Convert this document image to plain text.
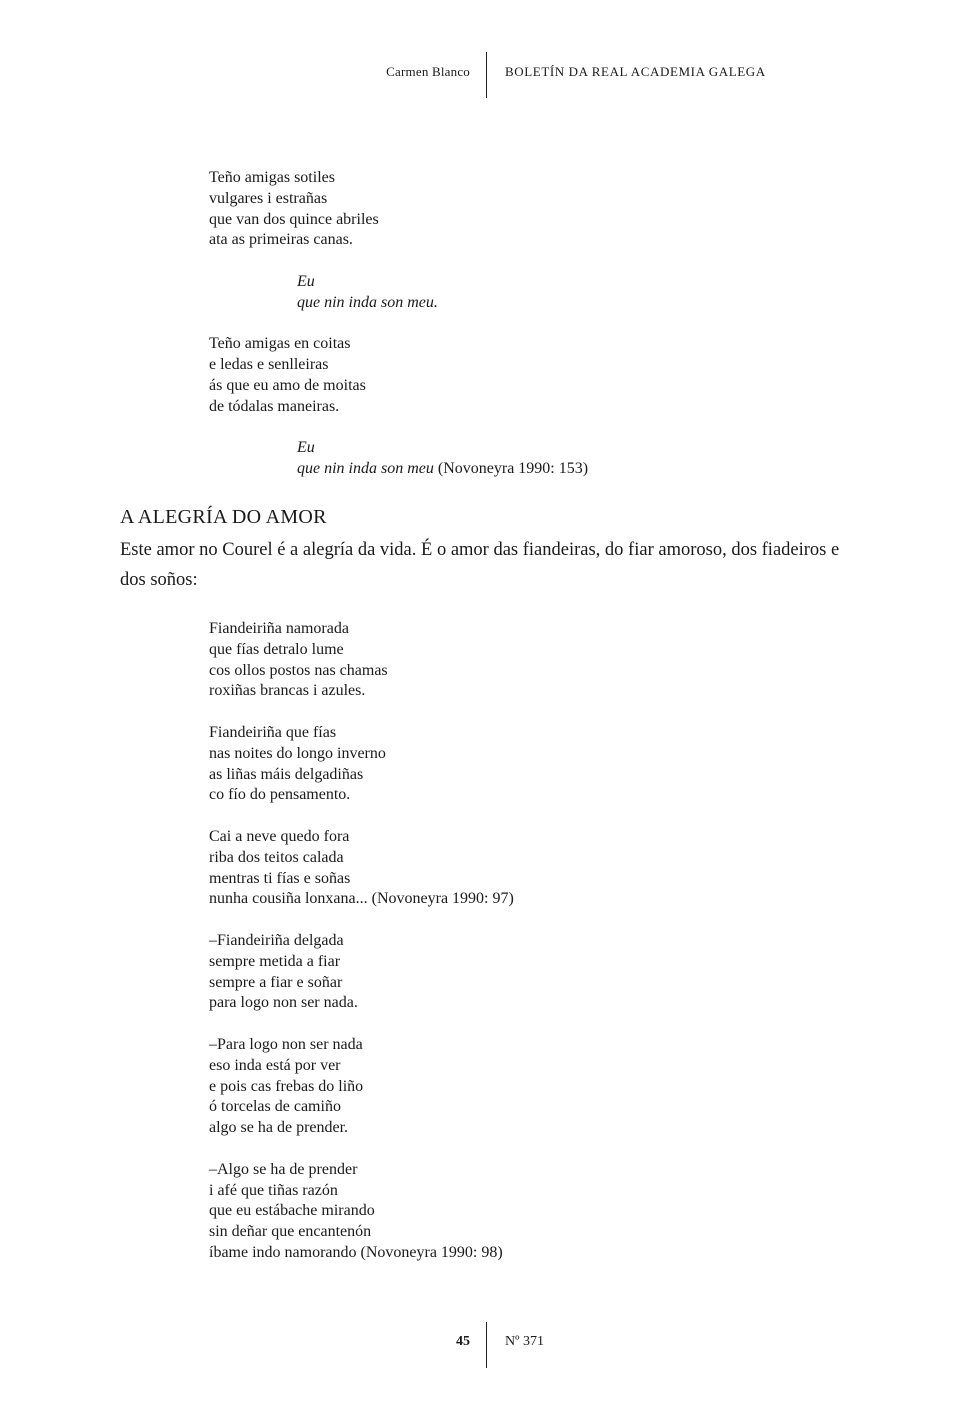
Carmen Blanco	BOLETÍN DA REAL ACADEMIA GALEGA
Teño amigas sotiles
vulgares i estrañas
que van dos quince abriles
ata as primeiras canas.
Eu
que nin inda son meu.
Teño amigas en coitas
e ledas e senlleiras
ás que eu amo de moitas
de tódalas maneiras.
Eu
que nin inda son meu (Novoneyra 1990: 153)
A ALEGRÍA DO AMOR
Este amor no Courel é a alegría da vida. É o amor das fiandeiras, do fiar amoroso, dos fiadeiros e dos soños:
Fiandeiriña namorada
que fías detralo lume
cos ollos postos nas chamas
roxiñas brancas i azules.
Fiandeiriña que fías
nas noites do longo inverno
as liñas máis delgadiñas
co fío do pensamento.
Cai a neve quedo fora
riba dos teitos calada
mentras ti fías e soñas
nunha cousiña lonxana... (Novoneyra 1990: 97)
–Fiandeiriña delgada
sempre metida a fiar
sempre a fiar e soñar
para logo non ser nada.
–Para logo non ser nada
eso inda está por ver
e pois cas frebas do liño
ó torcelas de camiño
algo se ha de prender.
–Algo se ha de prender
i afé que tiñas razón
que eu estábache mirando
sin deñar que encantenón
íbame indo namorando (Novoneyra 1990: 98)
45	Nº 371
